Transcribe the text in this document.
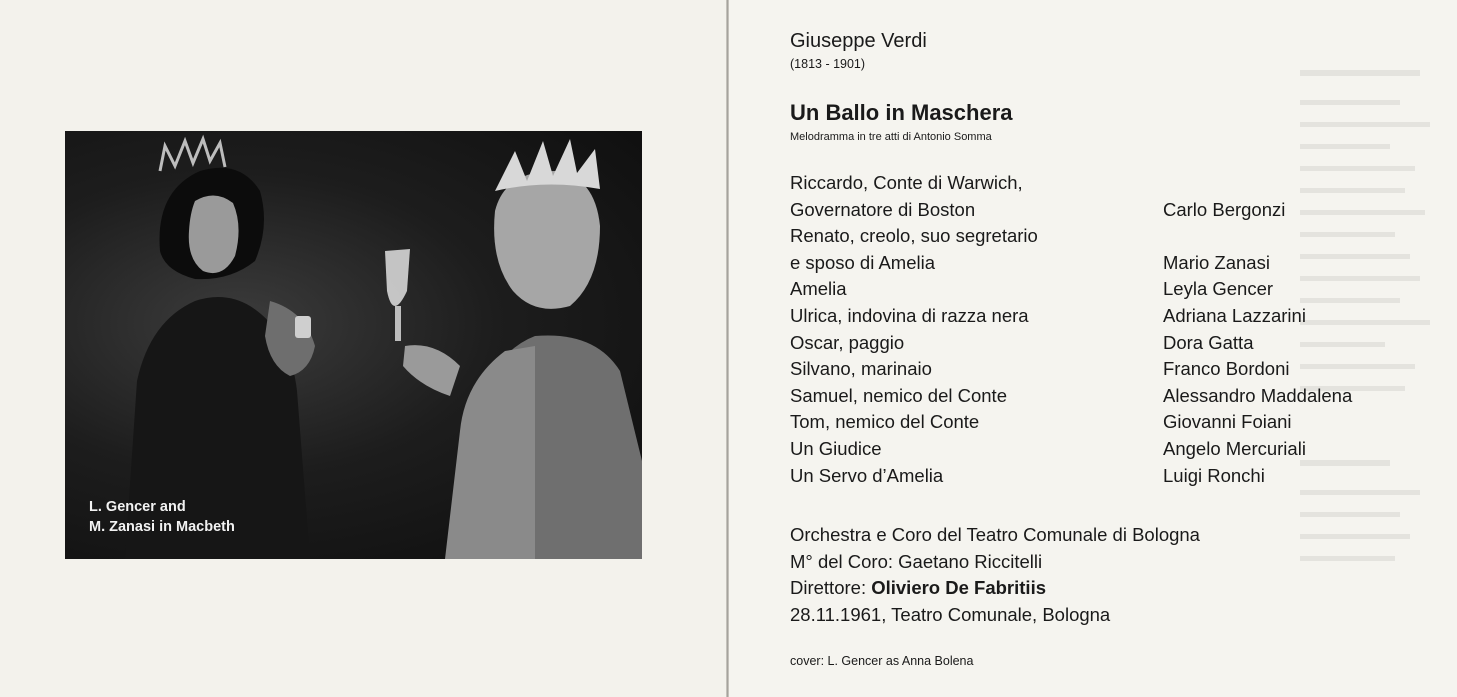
L. Gencer and
M. Zanasi in Macbeth
Giuseppe Verdi
(1813 - 1901)
Un Ballo in Maschera
Melodramma in tre atti di Antonio Somma
Riccardo, Conte di Warwich,
Governatore di Boston	Carlo Bergonzi
Renato, creolo, suo segretario
e sposo di Amelia	Mario Zanasi
Amelia	Leyla Gencer
Ulrica, indovina di razza nera	Adriana Lazzarini
Oscar, paggio	Dora Gatta
Silvano, marinaio	Franco Bordoni
Samuel, nemico del Conte	Alessandro Maddalena
Tom, nemico del Conte	Giovanni Foiani
Un Giudice	Angelo Mercuriali
Un Servo d’Amelia	Luigi Ronchi
Orchestra e Coro del Teatro Comunale di Bologna
M° del Coro: Gaetano Riccitelli
Direttore: Oliviero De Fabritiis
28.11.1961, Teatro Comunale, Bologna
cover: L. Gencer as Anna Bolena
